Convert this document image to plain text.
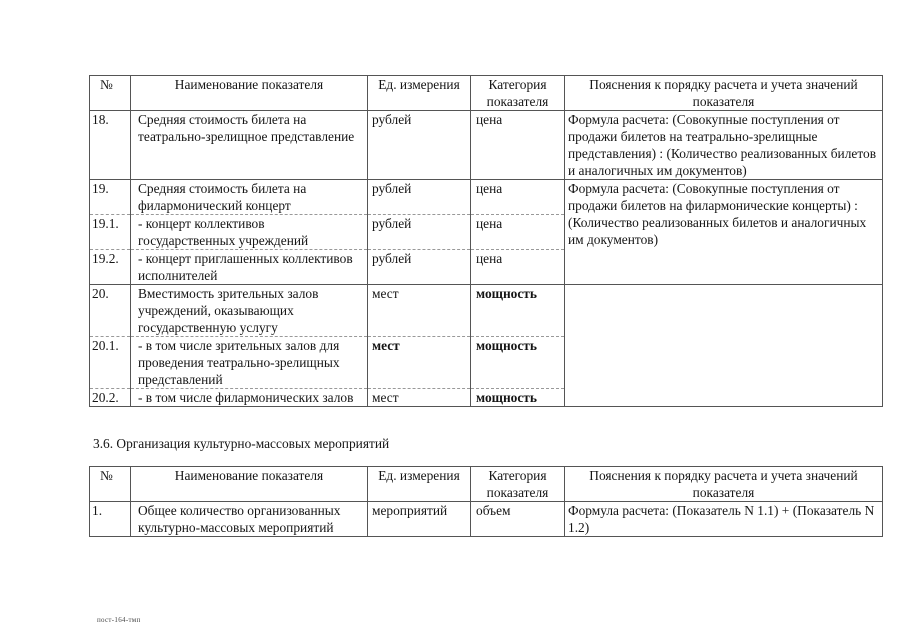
№	Наименование показателя	Ед. измерения	Категория показателя	Пояснения к порядку расчета и учета значений показателя
18.	Средняя стоимость билета на театрально-зрелищное представление	рублей	цена	Формула расчета: (Совокупные поступления от продажи билетов на театрально-зрелищные представления) : (Количество реализованных билетов и аналогичных им документов)
19.	Средняя стоимость билета на филармонический концерт	рублей	цена	Формула расчета: (Совокупные поступления от продажи билетов на филармонические концерты) : (Количество реализованных билетов и аналогичных им документов)
19.1.	- концерт коллективов государственных учреждений	рублей	цена	
19.2.	- концерт приглашенных коллективов исполнителей	рублей	цена	
20.	Вместимость зрительных залов учреждений, оказывающих государственную услугу	мест	мощность	
20.1.	- в том числе зрительных залов для проведения театрально-зрелищных представлений	мест	мощность	
20.2.	- в том числе филармонических залов	мест	мощность	

3.6. Организация культурно-массовых мероприятий

№	Наименование показателя	Ед. измерения	Категория показателя	Пояснения к порядку расчета и учета значений показателя
1.	Общее количество организованных культурно-массовых мероприятий	мероприятий	объем	Формула расчета: (Показатель N 1.1) + (Показатель N 1.2)
пост-164-тмп
